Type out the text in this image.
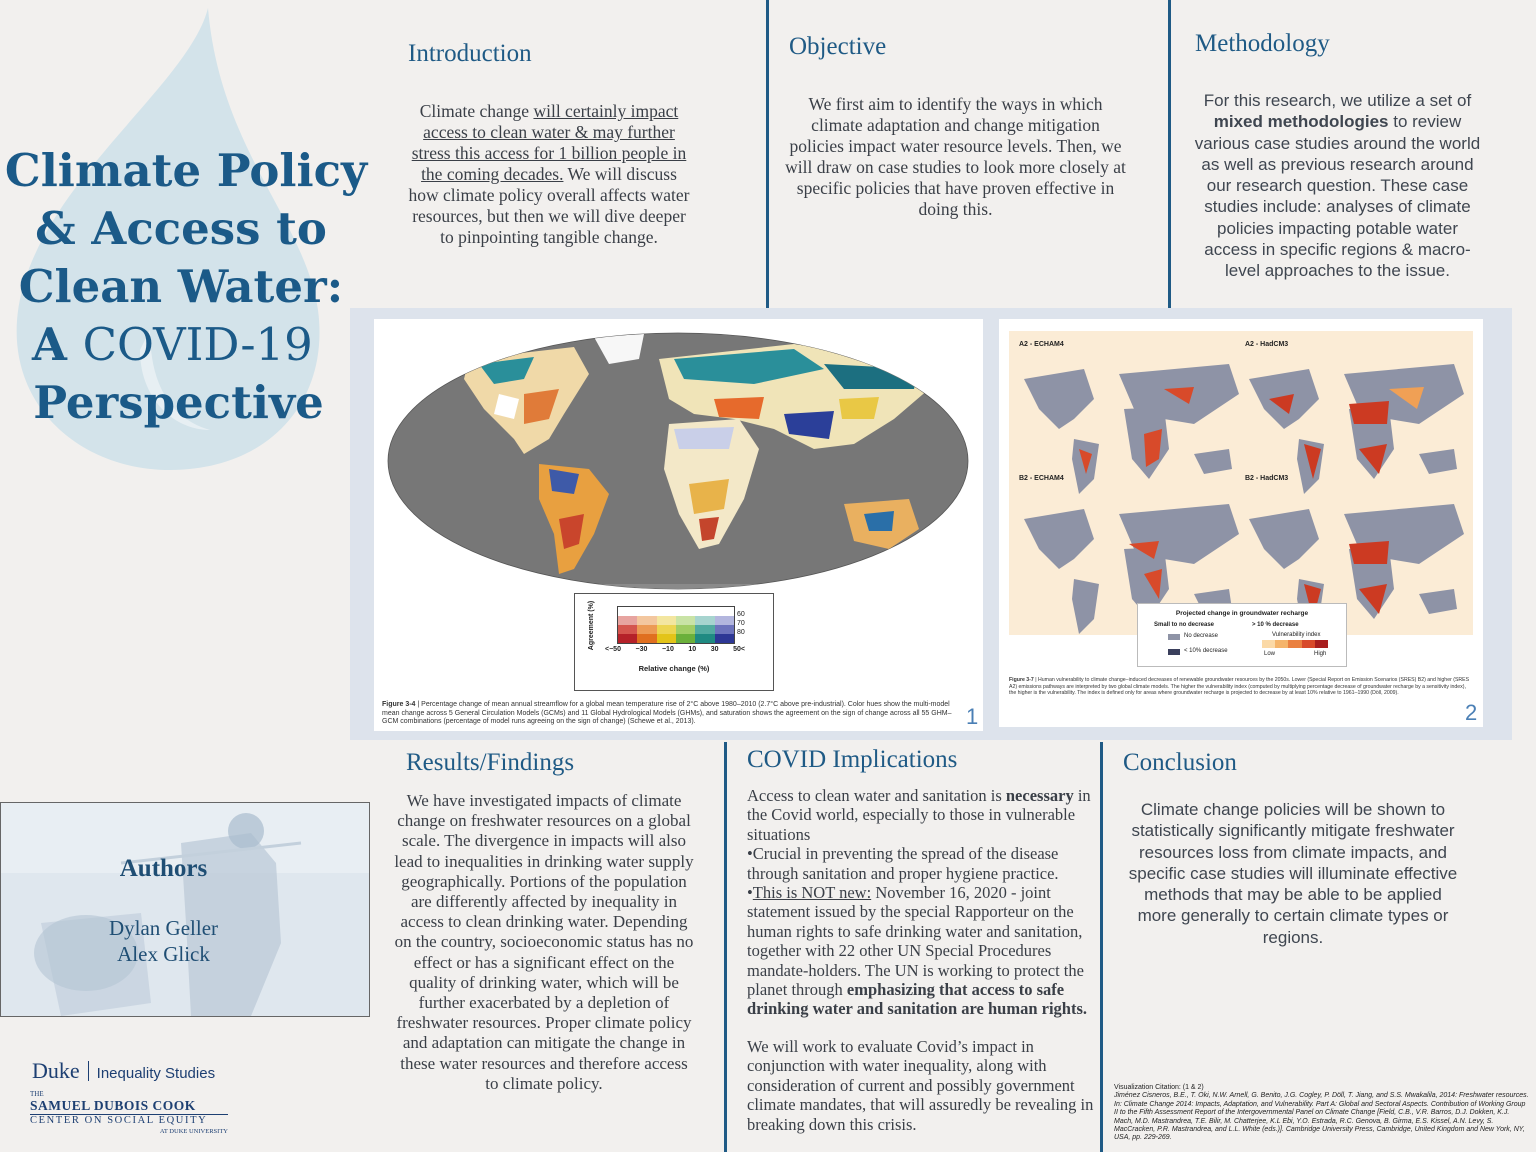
Climate Policy
& Access to
Clean Water:
A COVID-19
Perspective
Introduction
Climate change will certainly impact access to clean water & may further stress this access for 1 billion people in the coming decades. We will discuss how climate policy overall affects water resources, but then we will dive deeper to pinpointing tangible change.
Objective
We first aim to identify the ways in which climate adaptation and change mitigation policies impact water resource levels. Then, we will draw on case studies to look more closely at specific policies that have proven effective in doing this.
Methodology
For this research, we utilize a set of mixed methodologies to review various case studies around the world as well as previous research around our research question. These case studies include: analyses of climate policies impacting potable water access in specific regions & macro-level approaches to the issue.
Agreement (%)	60
70
80
<−50 −30 −10 10 30 50<
Relative change (%)
Figure 3-4 | Percentage change of mean annual streamflow for a global mean temperature rise of 2°C above 1980–2010 (2.7°C above pre-industrial). Color hues show the multi-model mean change across 5 General Circulation Models (GCMs) and 11 Global Hydrological Models (GHMs), and saturation shows the agreement on the sign of change across all 55 GHM–GCM combinations (percentage of model runs agreeing on the sign of change) (Schewe et al., 2013).	1
A2 - ECHAM4	A2 - HadCM3
B2 - ECHAM4	B2 - HadCM3
Projected change in groundwater recharge
Small to no decrease	> 10 % decrease
No decrease
< 10% decrease
Vulnerability index
Low	High
Figure 3-7 | Human vulnerability to climate change–induced decreases of renewable groundwater resources by the 2050s. Lower (Special Report on Emission Scenarios (SRES) B2) and higher (SRES A2) emissions pathways are interpreted by two global climate models. The higher the vulnerability index (computed by multiplying percentage decrease of groundwater recharge by a sensitivity index), the higher is the vulnerability. The index is defined only for areas where groundwater recharge is projected to decrease by at least 10% relative to 1961–1990 (Döll, 2009).
2
Authors
Dylan Geller
Alex Glick
Duke Inequality Studies
THE
SAMUEL DUBOIS COOK
CENTER ON SOCIAL EQUITY
AT DUKE UNIVERSITY
Results/Findings
We have investigated impacts of climate change on freshwater resources on a global scale. The divergence in impacts will also lead to inequalities in drinking water supply geographically. Portions of the population are differently affected by inequality in access to clean drinking water. Depending on the country, socioeconomic status has no effect or has a significant effect on the quality of drinking water, which will be further exacerbated by a depletion of freshwater resources. Proper climate policy and adaptation can mitigate the change in these water resources and therefore access to climate policy.
COVID Implications
Access to clean water and sanitation is necessary in the Covid world, especially to those in vulnerable situations
•Crucial in preventing the spread of the disease through sanitation and proper hygiene practice.
•This is NOT new: November 16, 2020 - joint statement issued by the special Rapporteur on the human rights to safe drinking water and sanitation, together with 22 other UN Special Procedures mandate-holders. The UN is working to protect the planet through emphasizing that access to safe drinking water and sanitation are human rights.
We will work to evaluate Covid’s impact in conjunction with water inequality, along with consideration of current and possibly government climate mandates, that will assuredly be revealing in breaking down this crisis.
Conclusion
Climate change policies will be shown to statistically significantly mitigate freshwater resources loss from climate impacts, and specific case studies will illuminate effective methods that may be able to be applied more generally to certain climate types or regions.
Visualization Citation: (1 & 2)
Jiménez Cisneros, B.E., T. Oki, N.W. Arnell, G. Benito, J.G. Cogley, P. Döll, T. Jiang, and S.S. Mwakalila, 2014: Freshwater resources. In: Climate Change 2014: Impacts, Adaptation, and Vulnerability. Part A: Global and Sectoral Aspects. Contribution of Working Group II to the Fifth Assessment Report of the Intergovernmental Panel on Climate Change [Field, C.B., V.R. Barros, D.J. Dokken, K.J. Mach, M.D. Mastrandrea, T.E. Bilir, M. Chatterjee, K.L Ebi, Y.O. Estrada, R.C. Genova, B. Girma, E.S. Kissel, A.N. Levy, S. MacCracken, P.R. Mastrandrea, and L.L. White (eds.)]. Cambridge University Press, Cambridge, United Kingdom and New York, NY, USA, pp. 229-269.
